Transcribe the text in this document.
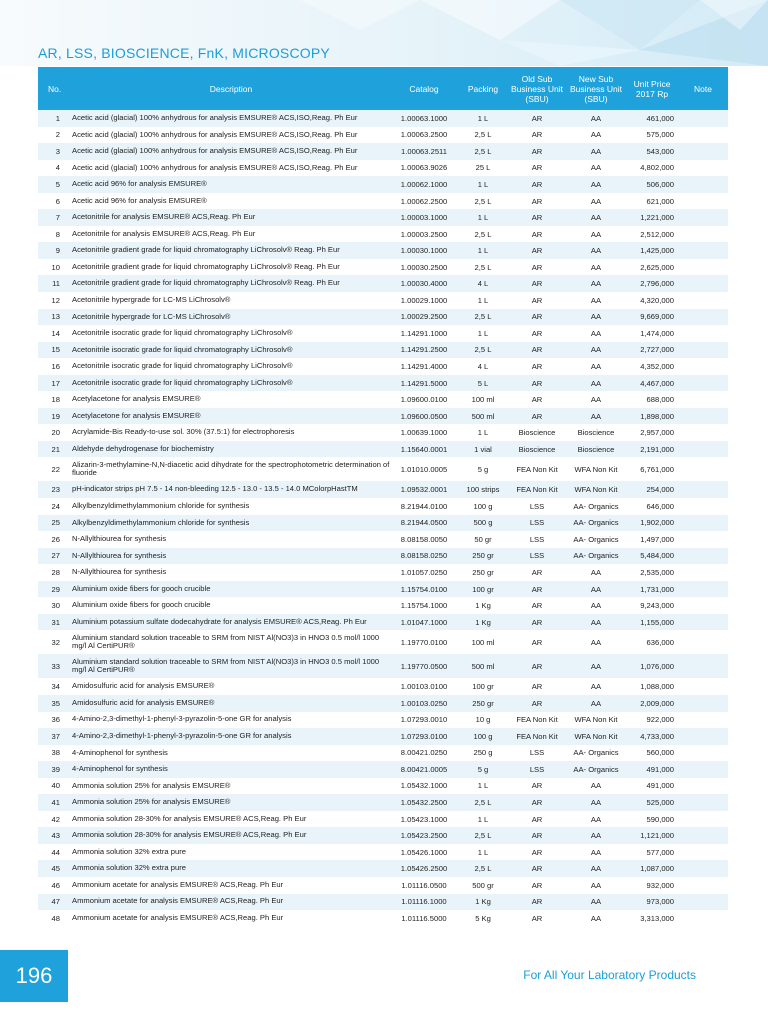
AR, LSS, BIOSCIENCE, FnK, MICROSCOPY
No.	Description	Catalog	Packing	Old Sub Business Unit (SBU)	New Sub Business Unit (SBU)	Unit Price 2017 Rp	Note
1	Acetic acid (glacial) 100% anhydrous for analysis EMSURE® ACS,ISO,Reag. Ph Eur	1.00063.1000	1 L	AR	AA	461,000	
2	Acetic acid (glacial) 100% anhydrous for analysis EMSURE® ACS,ISO,Reag. Ph Eur	1.00063.2500	2,5 L	AR	AA	575,000	
3	Acetic acid (glacial) 100% anhydrous for analysis EMSURE® ACS,ISO,Reag. Ph Eur	1.00063.2511	2,5 L	AR	AA	543,000	
4	Acetic acid (glacial) 100% anhydrous for analysis EMSURE® ACS,ISO,Reag. Ph Eur	1.00063.9026	25 L	AR	AA	4,802,000	
5	Acetic acid 96% for analysis EMSURE®	1.00062.1000	1 L	AR	AA	506,000	
6	Acetic acid 96% for analysis EMSURE®	1.00062.2500	2,5 L	AR	AA	621,000	
7	Acetonitrile for analysis EMSURE® ACS,Reag. Ph Eur	1.00003.1000	1 L	AR	AA	1,221,000	
8	Acetonitrile for analysis EMSURE® ACS,Reag. Ph Eur	1.00003.2500	2,5 L	AR	AA	2,512,000	
9	Acetonitrile gradient grade for liquid chromatography LiChrosolv® Reag. Ph Eur	1.00030.1000	1 L	AR	AA	1,425,000	
10	Acetonitrile gradient grade for liquid chromatography LiChrosolv® Reag. Ph Eur	1.00030.2500	2,5 L	AR	AA	2,625,000	
11	Acetonitrile gradient grade for liquid chromatography LiChrosolv® Reag. Ph Eur	1.00030.4000	4 L	AR	AA	2,796,000	
12	Acetonitrile hypergrade for LC-MS LiChrosolv®	1.00029.1000	1 L	AR	AA	4,320,000	
13	Acetonitrile hypergrade for LC-MS LiChrosolv®	1.00029.2500	2,5 L	AR	AA	9,669,000	
14	Acetonitrile isocratic grade for liquid chromatography LiChrosolv®	1.14291.1000	1 L	AR	AA	1,474,000	
15	Acetonitrile isocratic grade for liquid chromatography LiChrosolv®	1.14291.2500	2,5 L	AR	AA	2,727,000	
16	Acetonitrile isocratic grade for liquid chromatography LiChrosolv®	1.14291.4000	4 L	AR	AA	4,352,000	
17	Acetonitrile isocratic grade for liquid chromatography LiChrosolv®	1.14291.5000	5 L	AR	AA	4,467,000	
18	Acetylacetone for analysis EMSURE®	1.09600.0100	100 ml	AR	AA	688,000	
19	Acetylacetone for analysis EMSURE®	1.09600.0500	500 ml	AR	AA	1,898,000	
20	Acrylamide-Bis Ready-to-use sol. 30% (37.5:1) for electrophoresis	1.00639.1000	1 L	Bioscience	Bioscience	2,957,000	
21	Aldehyde dehydrogenase for biochemistry	1.15640.0001	1 vial	Bioscience	Bioscience	2,191,000	
22	Alizarin-3-methylamine-N,N-diacetic acid dihydrate for the spectrophotometric determination of fluoride	1.01010.0005	5 g	FEA Non Kit	WFA Non Kit	6,761,000	
23	pH-indicator strips pH 7.5 - 14 non-bleeding 12.5 - 13.0 - 13.5 - 14.0 MColorpHastTM	1.09532.0001	100 strips	FEA Non Kit	WFA Non Kit	254,000	
24	Alkylbenzyldimethylammonium chloride for synthesis	8.21944.0100	100 g	LSS	AA- Organics	646,000	
25	Alkylbenzyldimethylammonium chloride for synthesis	8.21944.0500	500 g	LSS	AA- Organics	1,902,000	
26	N-Allylthiourea for synthesis	8.08158.0050	50 gr	LSS	AA- Organics	1,497,000	
27	N-Allylthiourea for synthesis	8.08158.0250	250 gr	LSS	AA- Organics	5,484,000	
28	N-Allylthiourea for synthesis	1.01057.0250	250 gr	AR	AA	2,535,000	
29	Aluminium oxide fibers for gooch crucible	1.15754.0100	100 gr	AR	AA	1,731,000	
30	Aluminium oxide fibers for gooch crucible	1.15754.1000	1 Kg	AR	AA	9,243,000	
31	Aluminium potassium sulfate dodecahydrate for analysis EMSURE® ACS,Reag. Ph Eur	1.01047.1000	1 Kg	AR	AA	1,155,000	
32	Aluminium standard solution traceable to SRM from NIST Al(NO3)3 in HNO3 0.5 mol/l 1000 mg/l Al CertiPUR®	1.19770.0100	100 ml	AR	AA	636,000	
33	Aluminium standard solution traceable to SRM from NIST Al(NO3)3 in HNO3 0.5 mol/l 1000 mg/l Al CertiPUR®	1.19770.0500	500 ml	AR	AA	1,076,000	
34	Amidosulfuric acid for analysis EMSURE®	1.00103.0100	100 gr	AR	AA	1,088,000	
35	Amidosulfuric acid for analysis EMSURE®	1.00103.0250	250 gr	AR	AA	2,009,000	
36	4-Amino-2,3-dimethyl-1-phenyl-3-pyrazolin-5-one GR for analysis	1.07293.0010	10 g	FEA Non Kit	WFA Non Kit	922,000	
37	4-Amino-2,3-dimethyl-1-phenyl-3-pyrazolin-5-one GR for analysis	1.07293.0100	100 g	FEA Non Kit	WFA Non Kit	4,733,000	
38	4-Aminophenol for synthesis	8.00421.0250	250 g	LSS	AA- Organics	560,000	
39	4-Aminophenol for synthesis	8.00421.0005	5 g	LSS	AA- Organics	491,000	
40	Ammonia solution 25% for analysis EMSURE®	1.05432.1000	1 L	AR	AA	491,000	
41	Ammonia solution 25% for analysis EMSURE®	1.05432.2500	2,5 L	AR	AA	525,000	
42	Ammonia solution 28-30% for analysis EMSURE® ACS,Reag. Ph Eur	1.05423.1000	1 L	AR	AA	590,000	
43	Ammonia solution 28-30% for analysis EMSURE® ACS,Reag. Ph Eur	1.05423.2500	2,5 L	AR	AA	1,121,000	
44	Ammonia solution 32% extra pure	1.05426.1000	1 L	AR	AA	577,000	
45	Ammonia solution 32% extra pure	1.05426.2500	2,5 L	AR	AA	1,087,000	
46	Ammonium acetate for analysis EMSURE® ACS,Reag. Ph Eur	1.01116.0500	500 gr	AR	AA	932,000	
47	Ammonium acetate for analysis EMSURE® ACS,Reag. Ph Eur	1.01116.1000	1 Kg	AR	AA	973,000	
48	Ammonium acetate for analysis EMSURE® ACS,Reag. Ph Eur	1.01116.5000	5 Kg	AR	AA	3,313,000	
196	For All Your Laboratory Products
